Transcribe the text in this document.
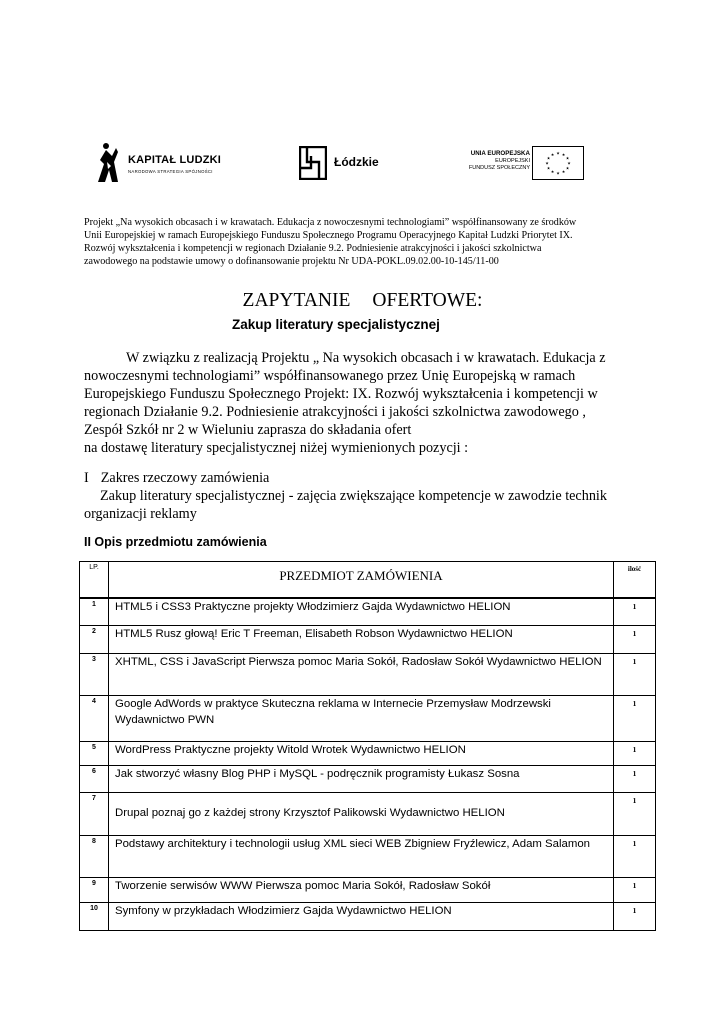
KAPITAŁ LUDZKI
NARODOWA STRATEGIA SPÓJNOŚCI
Łódzkie
UNIA EUROPEJSKA
EUROPEJSKI
FUNDUSZ SPOŁECZNY
★ ★
★
★
★
★
★
★
★
★
★
★
Projekt „Na wysokich obcasach i w krawatach. Edukacja z nowoczesnymi technologiami” współfinansowany ze środków
Unii Europejskiej w ramach Europejskiego Funduszu Społecznego Programu Operacyjnego Kapitał Ludzki Priorytet IX.
Rozwój wykształcenia i kompetencji w regionach Działanie 9.2. Podniesienie atrakcyjności i jakości szkolnictwa
zawodowego na podstawie umowy o dofinansowanie projektu Nr UDA-POKL.09.02.00-10-145/11-00
ZAPYTANIE OFERTOWE:
Zakup literatury specjalistycznej
W związku z realizacją Projektu „ Na wysokich obcasach i w krawatach. Edukacja z
nowoczesnymi technologiami” współfinansowanego przez Unię Europejską w ramach
Europejskiego Funduszu Społecznego Projekt: IX. Rozwój wykształcenia i kompetencji w
regionach Działanie 9.2. Podniesienie atrakcyjności i jakości szkolnictwa zawodowego ,
Zespół Szkół nr 2 w Wieluniu zaprasza do składania ofert
na dostawę literatury specjalistycznej niżej wymienionych pozycji :
I Zakres rzeczowy zamówienia
Zakup literatury specjalistycznej - zajęcia zwiększające kompetencje w zawodzie technik
organizacji reklamy
II Opis przedmiotu zamówienia
LP.	PRZEDMIOT ZAMÓWIENIA	ilość
1	HTML5 i CSS3 Praktyczne projekty Włodzimierz Gajda Wydawnictwo HELION	1
2	HTML5 Rusz głową! Eric T Freeman, Elisabeth Robson Wydawnictwo HELION	1
3	XHTML, CSS i JavaScript Pierwsza pomoc Maria Sokół, Radosław Sokół Wydawnictwo HELION	1
4	Google AdWords w praktyce Skuteczna reklama w Internecie Przemysław Modrzewski Wydawnictwo PWN	1
5	WordPress Praktyczne projekty Witold Wrotek Wydawnictwo HELION	1
6	Jak stworzyć własny Blog PHP i MySQL - podręcznik programisty Łukasz Sosna	1
7	Drupal poznaj go z każdej strony Krzysztof Palikowski Wydawnictwo HELION	1
8	Podstawy architektury i technologii usług XML sieci WEB Zbigniew Fryźlewicz, Adam Salamon	1
9	Tworzenie serwisów WWW Pierwsza pomoc Maria Sokół, Radosław Sokół	1
10	Symfony w przykładach Włodzimierz Gajda Wydawnictwo HELION	1
